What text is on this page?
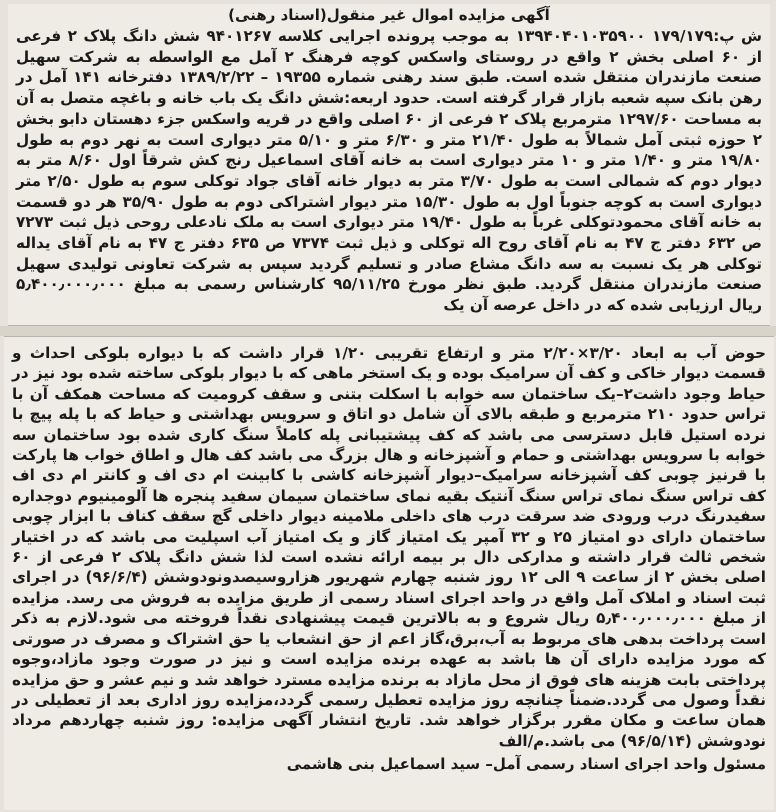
آگهی مزایده اموال غیر منقول(اسناد رهنی)

ش پ:۱۷۹/۱۷۹ ۱۳۹۴۰۴۰۱۰۳۵۹۰۰ به موجب پرونده اجرایی کلاسه ۹۴۰۱۲۶۷ شش دانگ پلاک ۲ فرعی از ۶۰ اصلی بخش ۲ واقع در روستای واسکس کوچه فرهنگ ۲ آمل مع الواسطه به شرکت سهیل صنعت مازندران منتقل شده است. طبق سند رهنی شماره ۱۹۳۵۵ – ۱۳۸۹/۲/۲۲ دفترخانه ۱۴۱ آمل در رهن بانک سپه شعبه بازار قرار گرفته است. حدود اربعه:شش دانگ یک باب خانه و باغچه متصل به آن به مساحت ۱۲۹۷/۶۰ مترمربع پلاک ۲ فرعی از ۶۰ اصلی واقع در قریه واسکس جزء دهستان دابو بخش ۲ حوزه ثبتی آمل شمالاً به طول ۲۱/۴۰ متر و ۶/۳۰ متر و ۵/۱۰ متر دیواری است به نهر دوم به طول ۱۹/۸۰ متر و ۱/۴۰ متر و ۱۰ متر دیواری است به خانه آقای اسماعیل رنج کش شرقاً اول ۸/۶۰ متر به دیوار دوم که شمالی است به طول ۳/۷۰ متر به دیوار خانه آقای جواد توکلی سوم به طول ۲/۵۰ متر دیواری است به کوچه جنوباً اول به طول ۱۵/۳۰ متر دیوار اشتراکی دوم به طول ۳۵/۹۰ هر دو قسمت به خانه آقای محمودتوکلی غرباً به طول ۱۹/۴۰ متر دیواری است به ملک نادعلی روحی ذیل ثبت ۷۲۷۳ ص ۶۳۲ دفتر ج ۴۷ به نام آقای روح اله توکلی و ذیل ثبت ۷۳۷۴ ص ۶۳۵ دفتر ج ۴۷ به نام آقای یداله توکلی هر یک نسبت به سه دانگ مشاع صادر و تسلیم گردید سپس به شرکت تعاونی تولیدی سهیل صنعت مازندران منتقل گردید. طبق نظر مورخ ۹۵/۱۱/۲۵ کارشناس رسمی به مبلغ ۵٫۴۰۰٫۰۰۰٫۰۰۰ ریال ارزیابی شده که در داخل عرصه آن یک

حوض آب به ابعاد ۳/۲۰×۲/۲۰ متر و ارتفاع تقریبی ۱/۲۰ قرار داشت که با دیواره بلوکی احداث و قسمت دیوار خاکی و کف آن سرامیک بوده و یک استخر ماهی که با دیوار بلوکی ساخته شده بود نیز در حیاط وجود داشت۲–یک ساختمان سه خوابه با اسکلت بتنی و سقف کرومیت که مساحت همکف آن با تراس حدود ۲۱۰ مترمربع و طبقه بالای آن شامل دو اتاق و سرویس بهداشتی و حیاط که با پله پیچ با نرده استیل قابل دسترسی می باشد که کف پیشتیبانی پله کاملاً سنگ کاری شده بود ساختمان سه خوابه با سرویس بهداشتی و حمام و آشپزخانه و هال بزرگ می باشد کف هال و اطاق خواب ها پارکت با قرنیز چوبی کف آشپزخانه سرامیک–دیوار آشپزخانه کاشی با کابینت ام دی اف و کانتر ام دی اف کف تراس سنگ نمای تراس سنگ آنتیک بقیه نمای ساختمان سیمان سفید پنجره ها آلومینیوم دوجداره سفیدرنگ درب ورودی ضد سرقت درب های داخلی ملامینه دیوار داخلی گچ سقف کناف با ابزار چوبی ساختمان دارای دو امتیاز ۲۵ و ۳۲ آمپر یک امتیاز گاز و یک امتیاز آب اسپلیت می باشد که در اختیار شخص ثالث قرار داشته و مدارکی دال بر بیمه ارائه نشده است لذا شش دانگ پلاک ۲ فرعی از ۶۰ اصلی بخش ۲ از ساعت ۹ الی ۱۲ روز شنبه چهارم شهریور هزاروسیصدونودوشش (۹۶/۶/۴) در اجرای ثبت اسناد و املاک آمل واقع در واحد اجرای اسناد رسمی از طریق مزایده به فروش می رسد. مزایده از مبلغ ۵٫۴۰۰٫۰۰۰٫۰۰۰ ریال شروع و به بالاترین قیمت پیشنهادی نقداً فروخته می شود.لازم به ذکر است پرداخت بدهی های مربوط به آب،برق،گاز اعم از حق انشعاب یا حق اشتراک و مصرف در صورتی که مورد مزایده دارای آن ها باشد به عهده برنده مزایده است و نیز در صورت وجود مازاد،وجوه پرداختی بابت هزینه های فوق از محل مازاد به برنده مزایده مسترد خواهد شد و نیم عشر و حق مزایده نقداً وصول می گردد.ضمناً چنانچه روز مزایده تعطیل رسمی گردد،مزایده روز اداری بعد از تعطیلی در همان ساعت و مکان مقرر برگزار خواهد شد. تاریخ انتشار آگهی مزایده: روز شنبه چهاردهم مرداد نودوشش (۹۶/۵/۱۴) می باشد.م/الف

مسئول واحد اجرای اسناد رسمی آمل– سید اسماعیل بنی هاشمی
